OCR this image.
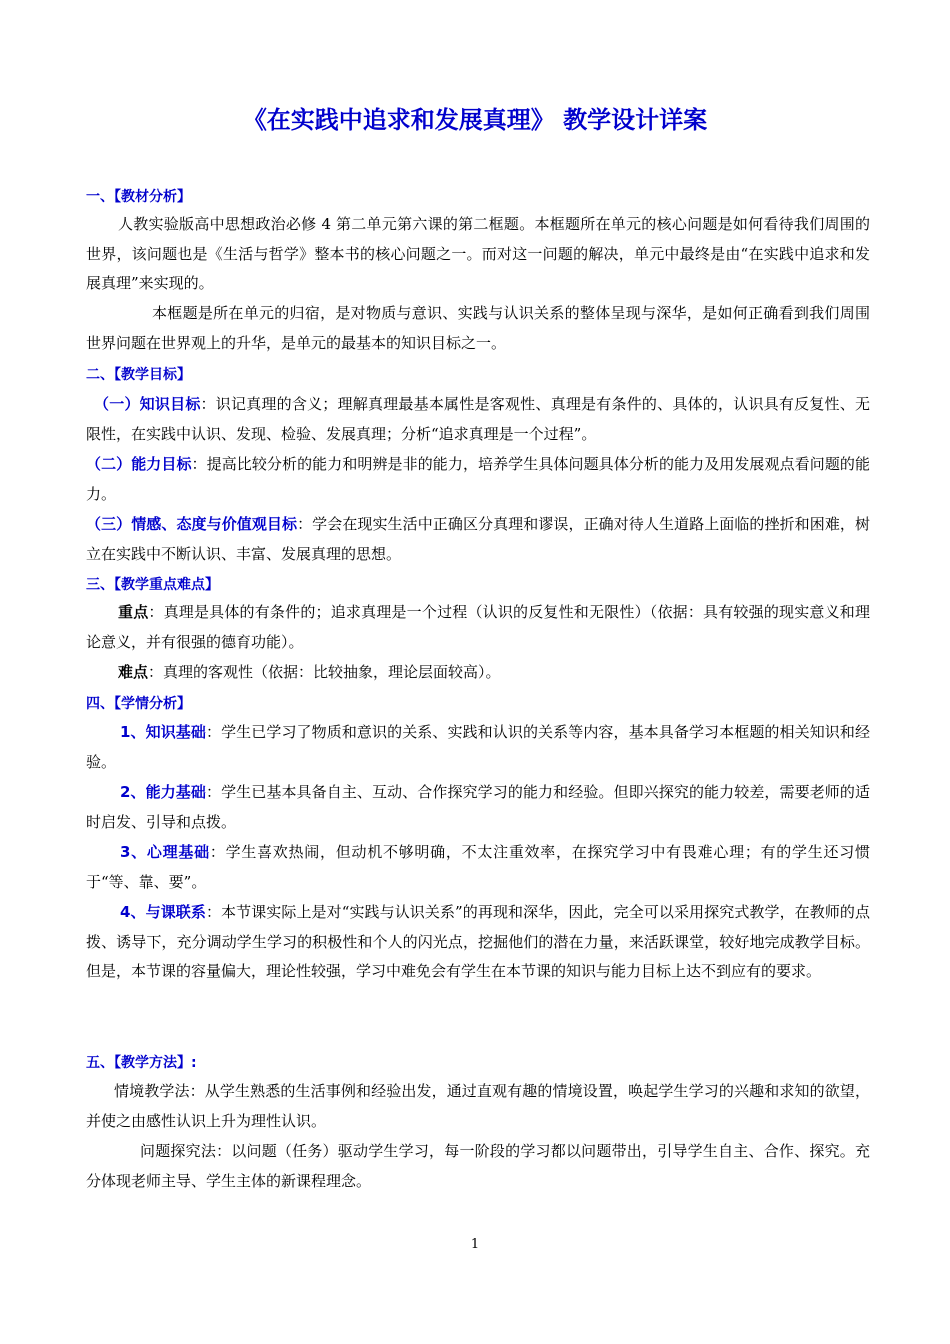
《在实践中追求和发展真理》 教学设计详案
一、【教材分析】
人教实验版高中思想政治必修 4 第二单元第六课的第二框题。本框题所在单元的核心问题是如何看待我们周围的世界，该问题也是《生活与哲学》整本书的核心问题之一。而对这一问题的解决，单元中最终是由“在实践中追求和发展真理”来实现的。
本框题是所在单元的归宿，是对物质与意识、实践与认识关系的整体呈现与深华，是如何正确看到我们周围世界问题在世界观上的升华，是单元的最基本的知识目标之一。
二、【教学目标】
（一）知识目标：识记真理的含义；理解真理最基本属性是客观性、真理是有条件的、具体的，认识具有反复性、无限性，在实践中认识、发现、检验、发展真理；分析“追求真理是一个过程”。
（二）能力目标：提高比较分析的能力和明辨是非的能力，培养学生具体问题具体分析的能力及用发展观点看问题的能力。
（三）情感、态度与价值观目标：学会在现实生活中正确区分真理和谬误，正确对待人生道路上面临的挫折和困难，树立在实践中不断认识、丰富、发展真理的思想。
三、【教学重点难点】
重点：真理是具体的有条件的；追求真理是一个过程（认识的反复性和无限性）（依据：具有较强的现实意义和理论意义，并有很强的德育功能）。
难点：真理的客观性（依据：比较抽象，理论层面较高）。
四、【学情分析】
1、知识基础：学生已学习了物质和意识的关系、实践和认识的关系等内容，基本具备学习本框题的相关知识和经验。
2、能力基础：学生已基本具备自主、互动、合作探究学习的能力和经验。但即兴探究的能力较差，需要老师的适时启发、引导和点拨。
3、心理基础：学生喜欢热闹，但动机不够明确，不太注重效率，在探究学习中有畏难心理；有的学生还习惯于“等、靠、要”。
4、与课联系：本节课实际上是对“实践与认识关系”的再现和深华，因此，完全可以采用探究式教学，在教师的点拨、诱导下，充分调动学生学习的积极性和个人的闪光点，挖掘他们的潜在力量，来活跃课堂，较好地完成教学目标。但是，本节课的容量偏大，理论性较强，学习中难免会有学生在本节课的知识与能力目标上达不到应有的要求。
五、【教学方法】:
情境教学法：从学生熟悉的生活事例和经验出发，通过直观有趣的情境设置，唤起学生学习的兴趣和求知的欲望，并使之由感性认识上升为理性认识。
问题探究法：以问题（任务）驱动学生学习，每一阶段的学习都以问题带出，引导学生自主、合作、探究。充分体现老师主导、学生主体的新课程理念。
1
